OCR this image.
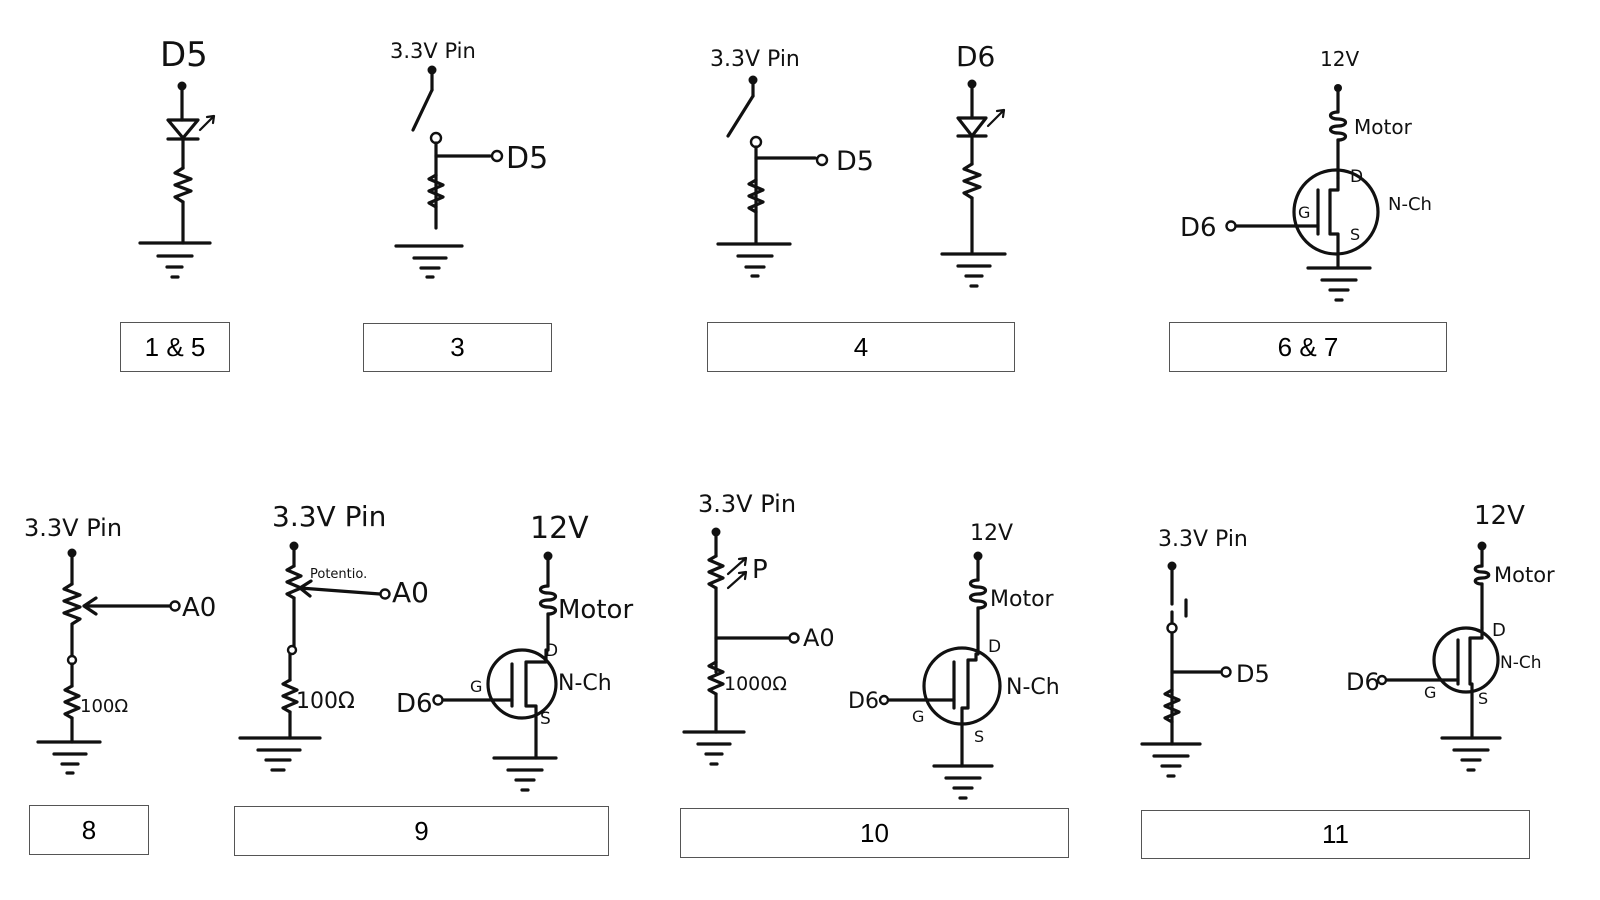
D5	3.3V Pin
D5
3.3V Pin
D5
D6	12V
Motor
D6
G
D
S
N-Ch
3.3V Pin
A0
100Ω
3.3V Pin
Potentio.
A0
100Ω
12V
Motor
D6
G
D
S
N-Ch
3.3V Pin
P
A0
1000Ω
12V
Motor
D6
G
D
S
N-Ch
3.3V Pin
D5
12V
Motor
D6	G
D
S
N-Ch
1 & 5	3	4	6 & 7
8	9	10	11
